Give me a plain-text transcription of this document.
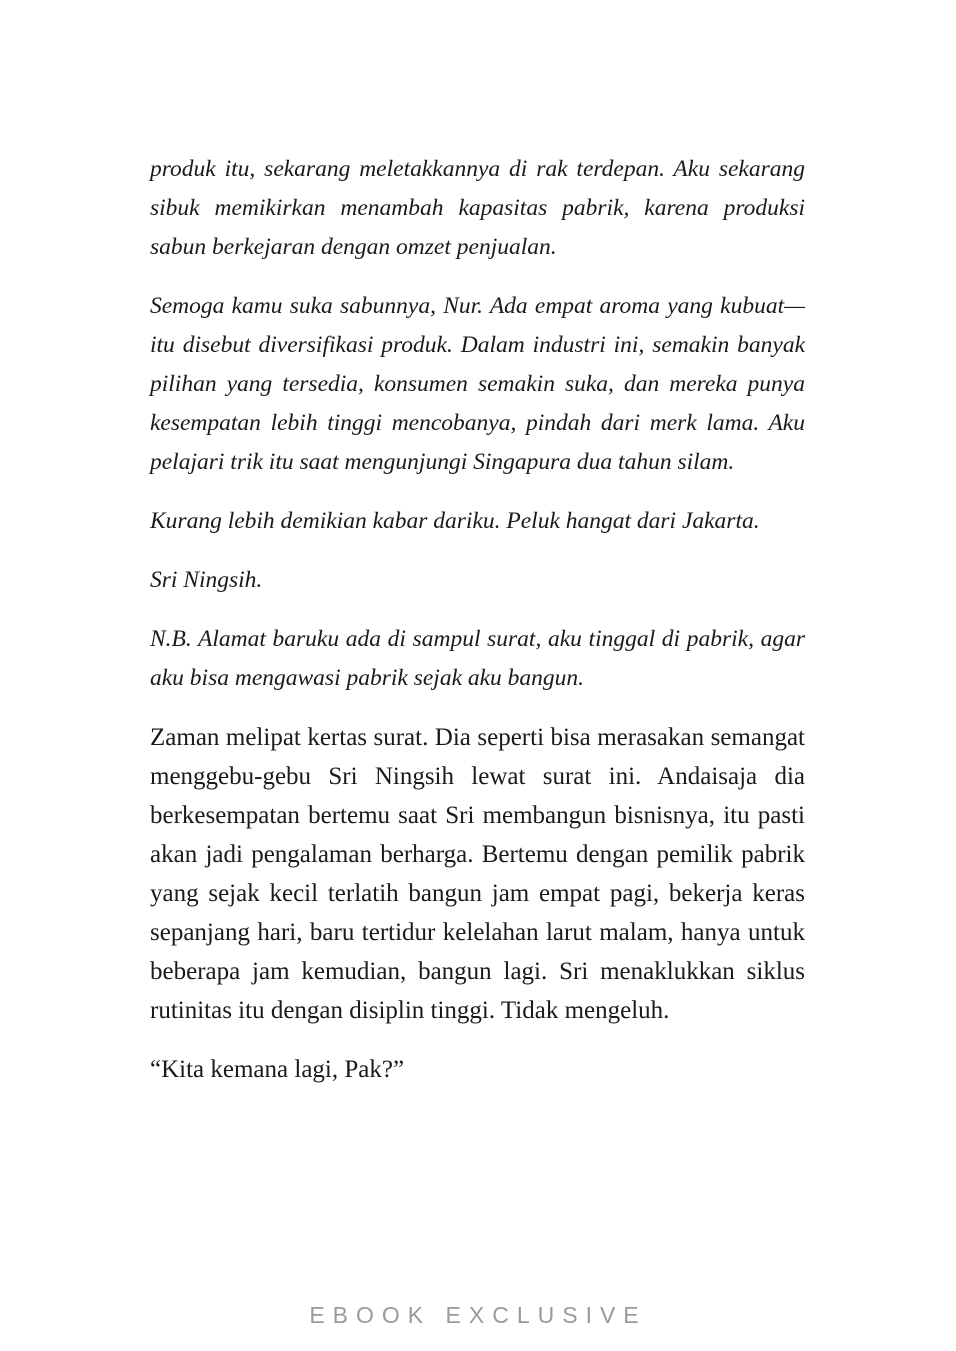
produk itu, sekarang meletakkannya di rak terdepan. Aku sekarang sibuk memikirkan menambah kapasitas pabrik, karena produksi sabun berkejaran dengan omzet penjualan.

Semoga kamu suka sabunnya, Nur. Ada empat aroma yang kubuat—itu disebut diversifikasi produk. Dalam industri ini, semakin banyak pilihan yang tersedia, konsumen semakin suka, dan mereka punya kesempatan lebih tinggi mencobanya, pindah dari merk lama. Aku pelajari trik itu saat mengunjungi Singapura dua tahun silam.

Kurang lebih demikian kabar dariku. Peluk hangat dari Jakarta.

Sri Ningsih.

N.B. Alamat baruku ada di sampul surat, aku tinggal di pabrik, agar aku bisa mengawasi pabrik sejak aku bangun.

Zaman melipat kertas surat. Dia seperti bisa merasakan semangat menggebu-gebu Sri Ningsih lewat surat ini. Andaisaja dia berkesempatan bertemu saat Sri membangun bisnisnya, itu pasti akan jadi pengalaman berharga. Bertemu dengan pemilik pabrik yang sejak kecil terlatih bangun jam empat pagi, bekerja keras sepanjang hari, baru tertidur kelelahan larut malam, hanya untuk beberapa jam kemudian, bangun lagi. Sri menaklukkan siklus rutinitas itu dengan disiplin tinggi. Tidak mengeluh.

“Kita kemana lagi, Pak?”

EBOOK EXCLUSIVE
